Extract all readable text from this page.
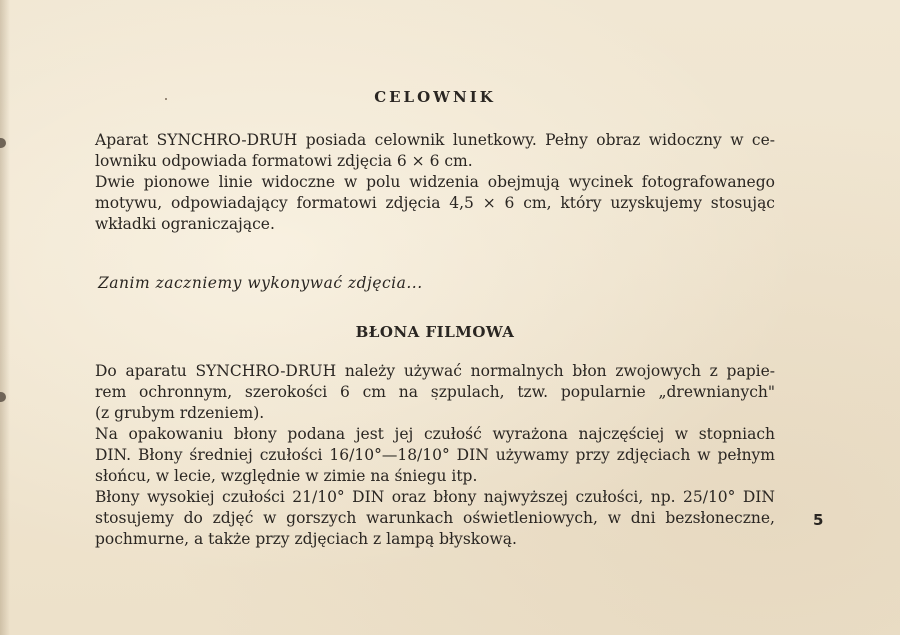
CELOWNIK
Aparat SYNCHRO-DRUH posiada celownik lunetkowy. Pełny obraz widoczny w ce-
lowniku odpowiada formatowi zdjęcia 6 ⨯ 6 cm.
Dwie pionowe linie widoczne w polu widzenia obejmują wycinek fotografowanego
motywu, odpowiadający formatowi zdjęcia 4,5 ⨯ 6 cm, który uzyskujemy stosując
wkładki ograniczające.
Zanim zaczniemy wykonywać zdjęcia...
BŁONA FILMOWA
Do aparatu SYNCHRO-DRUH należy używać normalnych błon zwojowych z papie-
rem ochronnym, szerokości 6 cm na szpulach, tzw. popularnie „drewnianych"
(z grubym rdzeniem).
Na opakowaniu błony podana jest jej czułość wyrażona najczęściej w stopniach
DIN. Błony średniej czułości 16/10°—18/10° DIN używamy przy zdjęciach w pełnym
słońcu, w lecie, względnie w zimie na śniegu itp.
Błony wysokiej czułości 21/10° DIN oraz błony najwyższej czułości, np. 25/10° DIN
stosujemy do zdjęć w gorszych warunkach oświetleniowych, w dni bezsłoneczne,
pochmurne, a także przy zdjęciach z lampą błyskową.
5
